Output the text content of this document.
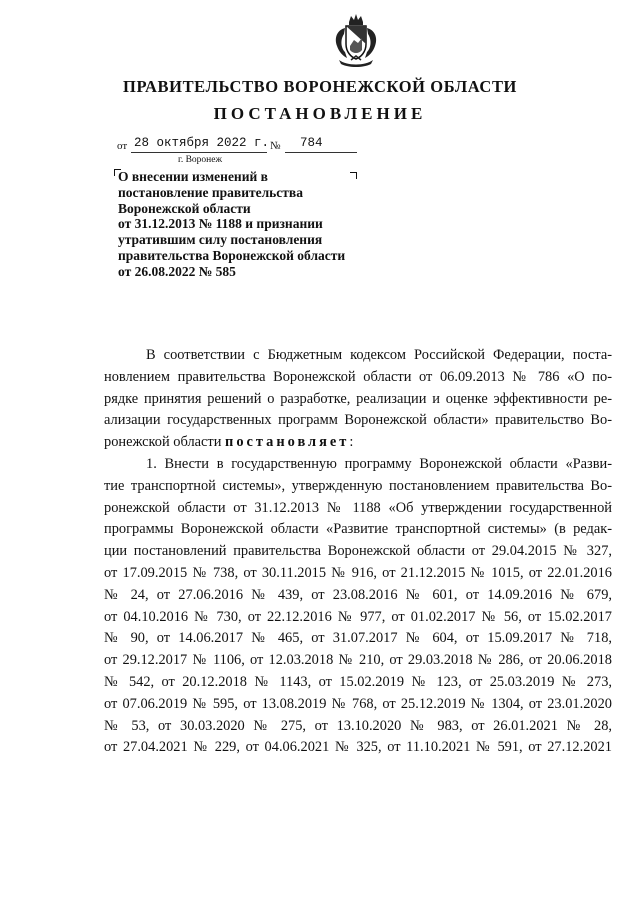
ПРАВИТЕЛЬСТВО ВОРОНЕЖСКОЙ ОБЛАСТИ
ПОСТАНОВЛЕНИЕ
от 28 октября 2022 г. № 784
г. Воронеж
О внесении изменений в
постановление правительства
Воронежской области
от 31.12.2013 № 1188 и признании
утратившим силу постановления
правительства Воронежской области
от 26.08.2022 № 585
В соответствии с Бюджетным кодексом Российской Федерации, поста-
новлением правительства Воронежской области от 06.09.2013 № 786 «О по-
рядке принятия решений о разработке, реализации и оценке эффективности ре-
ализации государственных программ Воронежской области» правительство Во-
ронежской области постановляет:
1. Внести в государственную программу Воронежской области «Разви-
тие транспортной системы», утвержденную постановлением правительства Во-
ронежской области от 31.12.2013 № 1188 «Об утверждении государственной
программы Воронежской области «Развитие транспортной системы» (в редак-
ции постановлений правительства Воронежской области от 29.04.2015 № 327,
от 17.09.2015 № 738, от 30.11.2015 № 916, от 21.12.2015 № 1015, от 22.01.2016
№ 24, от 27.06.2016 № 439, от 23.08.2016 № 601, от 14.09.2016 № 679,
от 04.10.2016 № 730, от 22.12.2016 № 977, от 01.02.2017 № 56, от 15.02.2017
№ 90, от 14.06.2017 № 465, от 31.07.2017 № 604, от 15.09.2017 № 718,
от 29.12.2017 № 1106, от 12.03.2018 № 210, от 29.03.2018 № 286, от 20.06.2018
№ 542, от 20.12.2018 № 1143, от 15.02.2019 № 123, от 25.03.2019 № 273,
от 07.06.2019 № 595, от 13.08.2019 № 768, от 25.12.2019 № 1304, от 23.01.2020
№ 53, от 30.03.2020 № 275, от 13.10.2020 № 983, от 26.01.2021 № 28,
от 27.04.2021 № 229, от 04.06.2021 № 325, от 11.10.2021 № 591, от 27.12.2021
